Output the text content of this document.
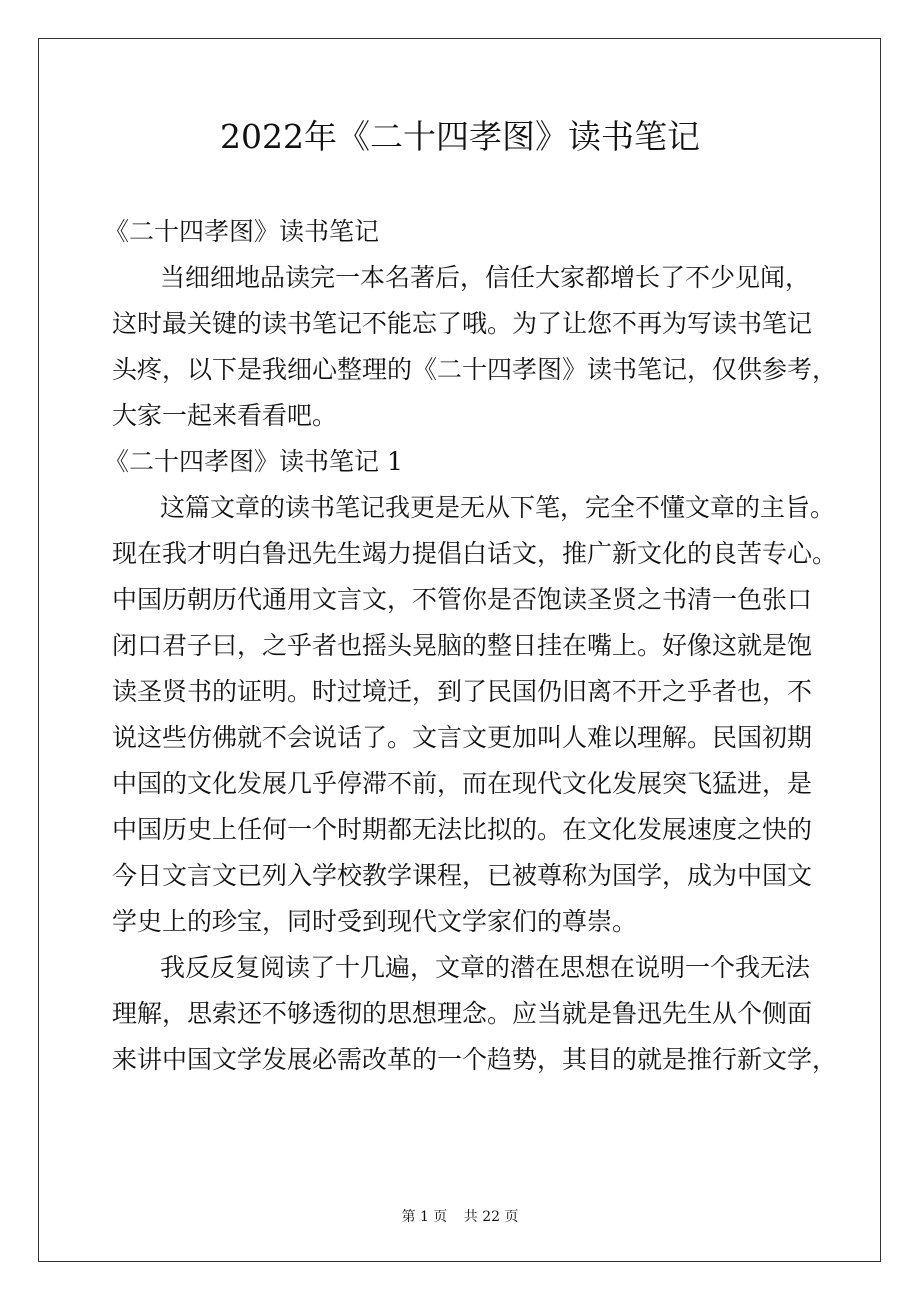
2022年《二十四孝图》读书笔记
《二十四孝图》读书笔记
当细细地品读完一本名著后，信任大家都增长了不少见闻，
这时最关键的读书笔记不能忘了哦。为了让您不再为写读书笔记
头疼，以下是我细心整理的《二十四孝图》读书笔记，仅供参考，
大家一起来看看吧。
《二十四孝图》读书笔记 1
这篇文章的读书笔记我更是无从下笔，完全不懂文章的主旨。
现在我才明白鲁迅先生竭力提倡白话文，推广新文化的良苦专心。
中国历朝历代通用文言文，不管你是否饱读圣贤之书清一色张口
闭口君子曰，之乎者也摇头晃脑的整日挂在嘴上。好像这就是饱
读圣贤书的证明。时过境迁，到了民国仍旧离不开之乎者也，不
说这些仿佛就不会说话了。文言文更加叫人难以理解。民国初期
中国的文化发展几乎停滞不前，而在现代文化发展突飞猛进，是
中国历史上任何一个时期都无法比拟的。在文化发展速度之快的
今日文言文已列入学校教学课程，已被尊称为国学，成为中国文
学史上的珍宝，同时受到现代文学家们的尊崇。
我反反复阅读了十几遍，文章的潜在思想在说明一个我无法
理解，思索还不够透彻的思想理念。应当就是鲁迅先生从个侧面
来讲中国文学发展必需改革的一个趋势，其目的就是推行新文学，
第 1 页 共 22 页
